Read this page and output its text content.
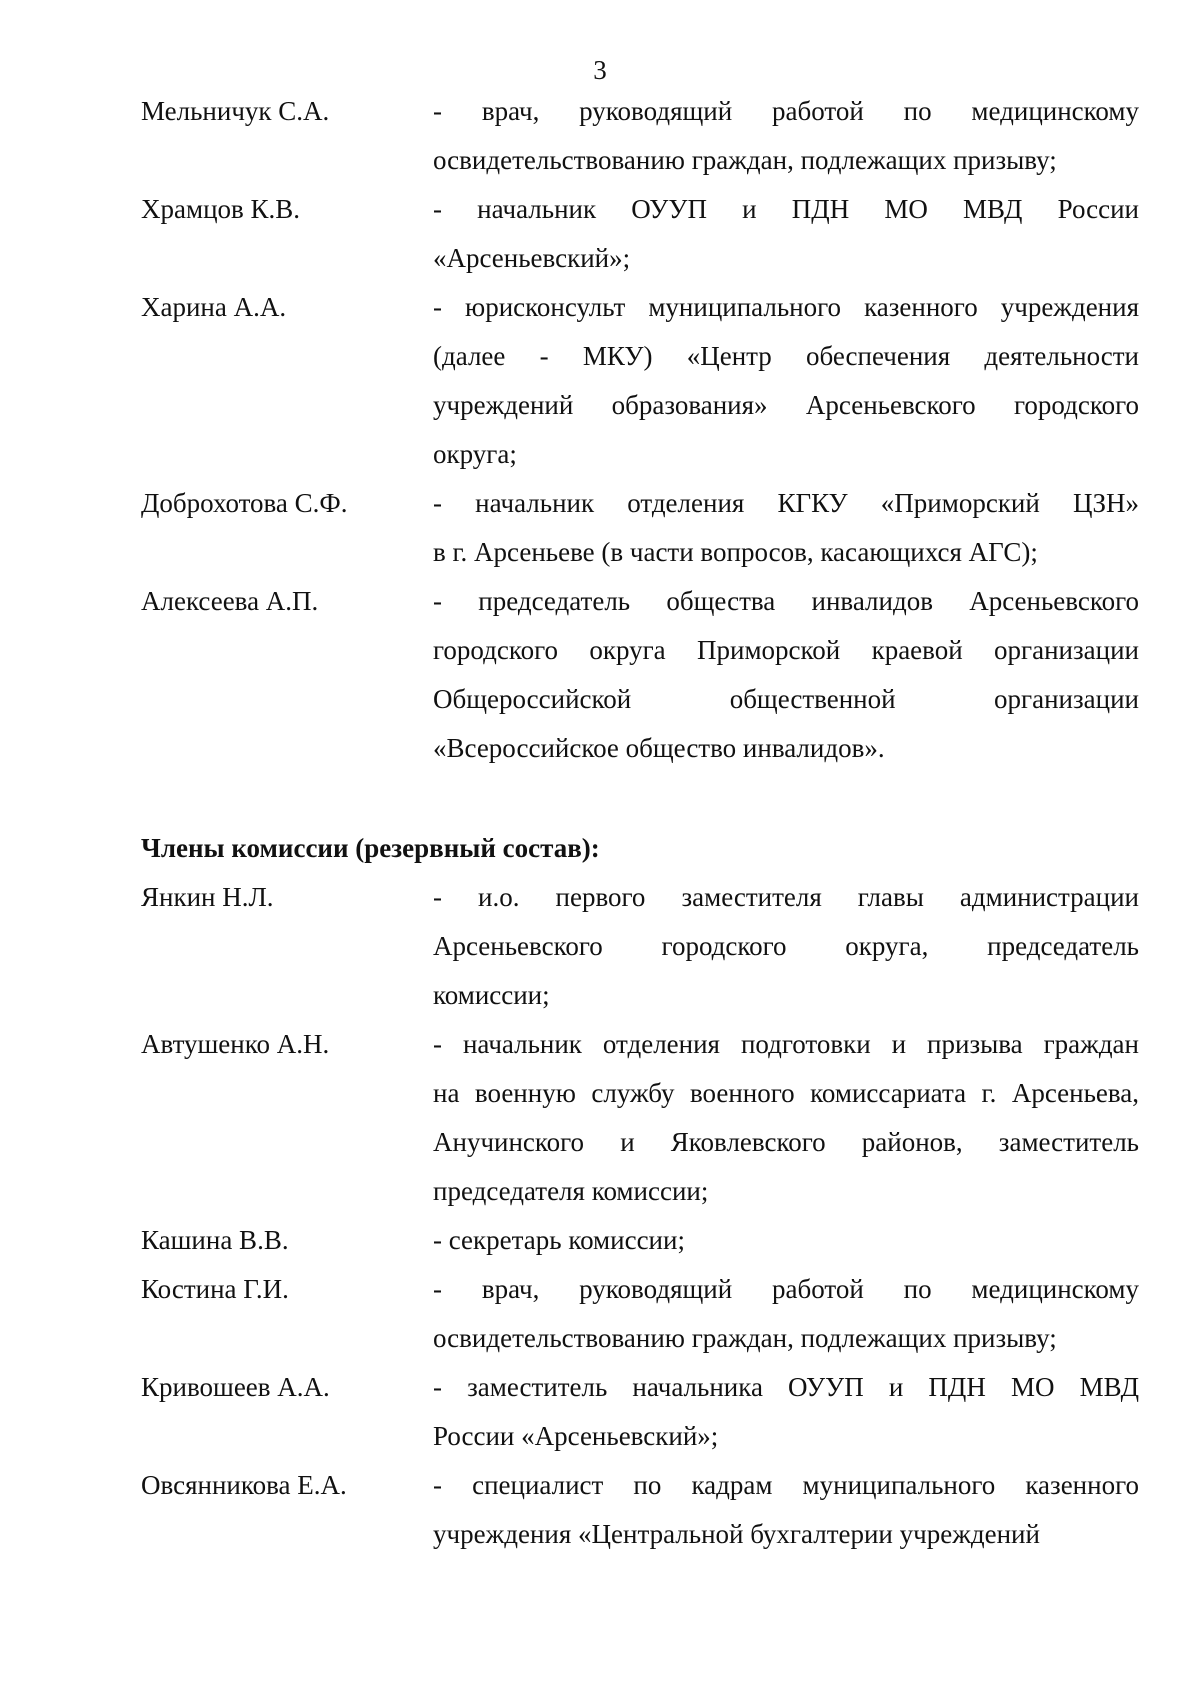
3
Мельничук С.А.	- врач, руководящий работой по медицинскому
освидетельствованию граждан, подлежащих призыву;
Храмцов К.В.	- начальник ОУУП и ПДН МО МВД России
«Арсеньевский»;
Харина А.А.	- юрисконсульт муниципального казенного учреждения
(далее - МКУ) «Центр обеспечения деятельности
учреждений образования» Арсеньевского городского
округа;
Доброхотова С.Ф.	- начальник отделения КГКУ «Приморский ЦЗН»
в г. Арсеньеве (в части вопросов, касающихся АГС);
Алексеева А.П.	- председатель общества инвалидов Арсеньевского
городского округа Приморской краевой организации
Общероссийской общественной организации
«Всероссийское общество инвалидов».
Члены комиссии (резервный состав):
Янкин Н.Л.	- и.о. первого заместителя главы администрации
Арсеньевского городского округа, председатель
комиссии;
Автушенко А.Н.	- начальник отделения подготовки и призыва граждан
на военную службу военного комиссариата г. Арсеньева,
Анучинского и Яковлевского районов, заместитель
председателя комиссии;
Кашина В.В.	- секретарь комиссии;
Костина Г.И.	- врач, руководящий работой по медицинскому
освидетельствованию граждан, подлежащих призыву;
Кривошеев А.А.	- заместитель начальника ОУУП и ПДН МО МВД
России «Арсеньевский»;
Овсянникова Е.А.	- специалист по кадрам муниципального казенного
учреждения «Центральной бухгалтерии учреждений
